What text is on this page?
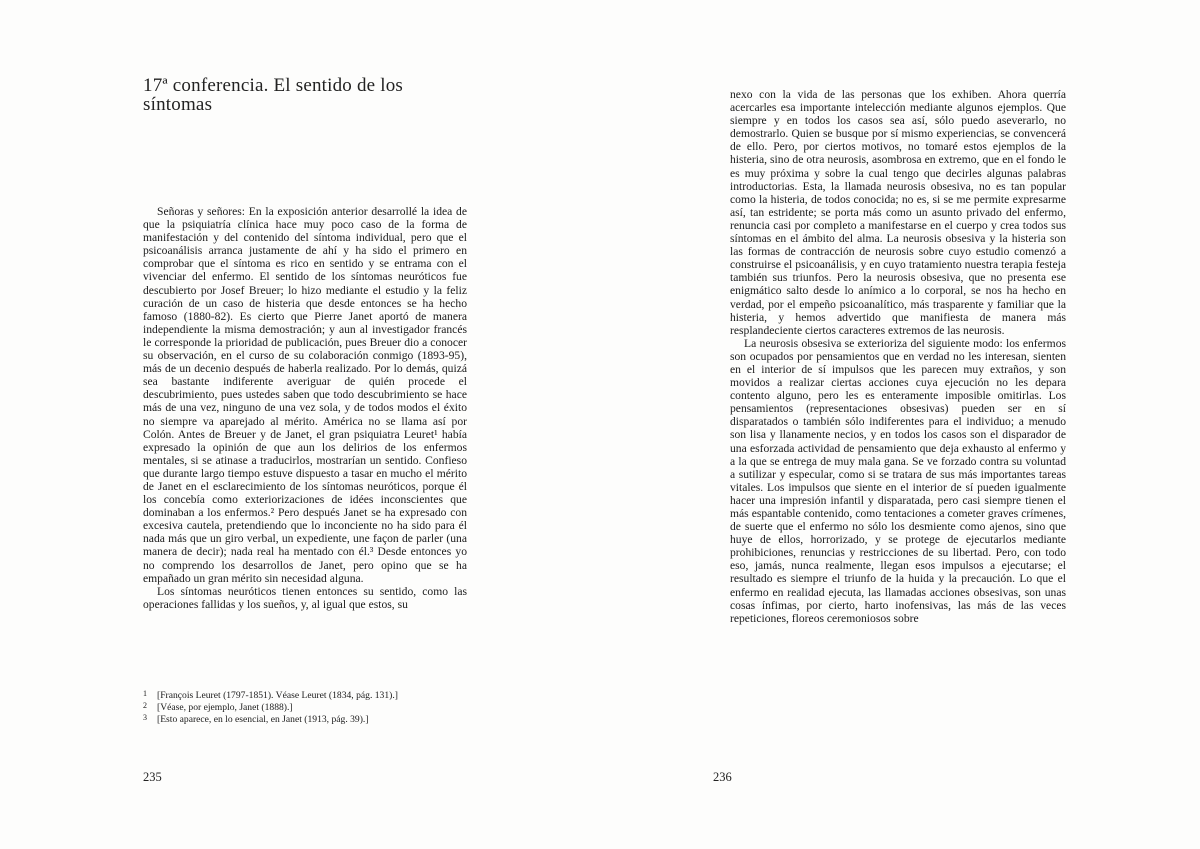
17ª conferencia. El sentido de los síntomas

Señoras y señores: En la exposición anterior desarrollé la idea de que la psiquiatría clínica hace muy poco caso de la forma de manifestación y del contenido del síntoma individual, pero que el psicoanálisis arranca justamente de ahí y ha sido el primero en comprobar que el síntoma es rico en sentido y se entrama con el vivenciar del enfermo. El sentido de los síntomas neuróticos fue descubierto por Josef Breuer; lo hizo mediante el estudio y la feliz curación de un caso de histeria que desde entonces se ha hecho famoso (1880-82). Es cierto que Pierre Janet aportó de manera independiente la misma demostración; y aun al investigador francés le corresponde la prioridad de publicación, pues Breuer dio a conocer su observación, en el curso de su colaboración conmigo (1893-95), más de un decenio después de haberla realizado. Por lo demás, quizá sea bastante indiferente averiguar de quién procede el descubrimiento, pues ustedes saben que todo descubrimiento se hace más de una vez, ninguno de una vez sola, y de todos modos el éxito no siempre va aparejado al mérito. América no se llama así por Colón. Antes de Breuer y de Janet, el gran psiquiatra Leuret¹ había expresado la opinión de que aun los delirios de los enfermos mentales, si se atinase a traducirlos, mostrarían un sentido. Confieso que durante largo tiempo estuve dispuesto a tasar en mucho el mérito de Janet en el esclarecimiento de los síntomas neuróticos, porque él los concebía como exteriorizaciones de idées inconscientes que dominaban a los enfermos.² Pero después Janet se ha expresado con excesiva cautela, pretendiendo que lo inconciente no ha sido para él nada más que un giro verbal, un expediente, une façon de parler (una manera de decir); nada real ha mentado con él.³ Desde entonces yo no comprendo los desarrollos de Janet, pero opino que se ha empañado un gran mérito sin necesidad alguna.

Los síntomas neuróticos tienen entonces su sentido, como las operaciones fallidas y los sueños, y, al igual que estos, su

1	[François Leuret (1797-1851). Véase Leuret (1834, pág. 131).]

2	[Véase, por ejemplo, Janet (1888).]

3	[Esto aparece, en lo esencial, en Janet (1913, pág. 39).]

235

nexo con la vida de las personas que los exhiben. Ahora querría acercarles esa importante intelección mediante algunos ejemplos. Que siempre y en todos los casos sea así, sólo puedo aseverarlo, no demostrarlo. Quien se busque por sí mismo experiencias, se convencerá de ello. Pero, por ciertos motivos, no tomaré estos ejemplos de la histeria, sino de otra neurosis, asombrosa en extremo, que en el fondo le es muy próxima y sobre la cual tengo que decirles algunas palabras introductorias. Esta, la llamada neurosis obsesiva, no es tan popular como la histeria, de todos conocida; no es, si se me permite expresarme así, tan estridente; se porta más como un asunto privado del enfermo, renuncia casi por completo a manifestarse en el cuerpo y crea todos sus síntomas en el ámbito del alma. La neurosis obsesiva y la histeria son las formas de contracción de neurosis sobre cuyo estudio comenzó a construirse el psicoanálisis, y en cuyo tratamiento nuestra terapia festeja también sus triunfos. Pero la neurosis obsesiva, que no presenta ese enigmático salto desde lo anímico a lo corporal, se nos ha hecho en verdad, por el empeño psicoanalítico, más trasparente y familiar que la histeria, y hemos advertido que manifiesta de manera más resplandeciente ciertos caracteres extremos de las neurosis.

La neurosis obsesiva se exterioriza del siguiente modo: los enfermos son ocupados por pensamientos que en verdad no les interesan, sienten en el interior de sí impulsos que les parecen muy extraños, y son movidos a realizar ciertas acciones cuya ejecución no les depara contento alguno, pero les es enteramente imposible omitirlas. Los pensamientos (representaciones obsesivas) pueden ser en sí disparatados o también sólo indiferentes para el individuo; a menudo son lisa y llanamente necios, y en todos los casos son el disparador de una esforzada actividad de pensamiento que deja exhausto al enfermo y a la que se entrega de muy mala gana. Se ve forzado contra su voluntad a sutilizar y especular, como si se tratara de sus más importantes tareas vitales. Los impulsos que siente en el interior de sí pueden igualmente hacer una impresión infantil y disparatada, pero casi siempre tienen el más espantable contenido, como tentaciones a cometer graves crímenes, de suerte que el enfermo no sólo los desmiente como ajenos, sino que huye de ellos, horrorizado, y se protege de ejecutarlos mediante prohibiciones, renuncias y restricciones de su libertad. Pero, con todo eso, jamás, nunca realmente, llegan esos impulsos a ejecutarse; el resultado es siempre el triunfo de la huida y la precaución. Lo que el enfermo en realidad ejecuta, las llamadas acciones obsesivas, son unas cosas ínfimas, por cierto, harto inofensivas, las más de las veces repeticiones, floreos ceremoniosos sobre

236
